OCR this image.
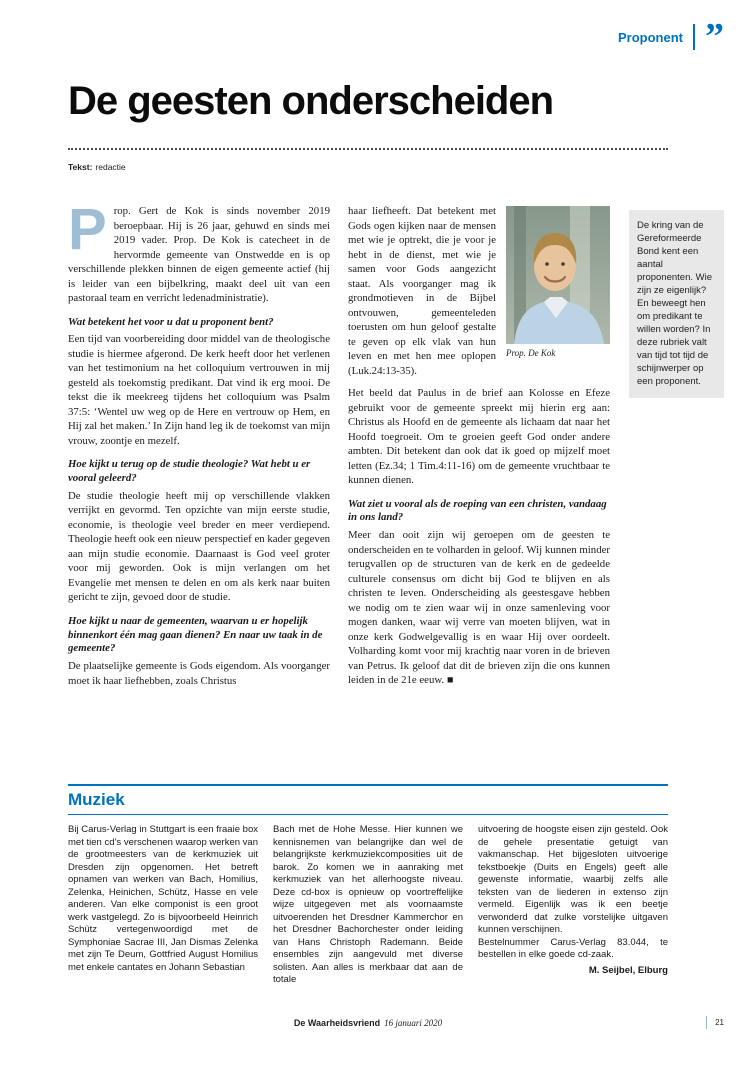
Proponent ”
De geesten onderscheiden
Tekst: redactie

Prop. Gert de Kok is sinds november 2019 beroepbaar. Hij is 26 jaar, gehuwd en sinds mei 2019 vader. Prop. De Kok is catecheet in de hervormde gemeente van Onstwedde en is op verschillende plekken binnen de eigen gemeente actief (hij is leider van een bijbelkring, maakt deel uit van een pastoraal team en verricht ledenadministratie).

Wat betekent het voor u dat u proponent bent?

Een tijd van voorbereiding door middel van de theologische studie is hiermee afgerond. De kerk heeft door het verlenen van het testimonium na het colloquium vertrouwen in mij gesteld als toekomstig predikant. Dat vind ik erg mooi. De tekst die ik meekreeg tijdens het colloquium was Psalm 37:5: ‘Wentel uw weg op de Here en vertrouw op Hem, en Hij zal het maken.’ In Zijn hand leg ik de toekomst van mijn vrouw, zoontje en mezelf.

Hoe kijkt u terug op de studie theologie? Wat hebt u er vooral geleerd?

De studie theologie heeft mij op verschillende vlakken verrijkt en gevormd. Ten opzichte van mijn eerste studie, economie, is theologie veel breder en meer verdiepend. Theologie heeft ook een nieuw perspectief en kader gegeven aan mijn studie economie. Daarnaast is God veel groter voor mij geworden. Ook is mijn verlangen om het Evangelie met mensen te delen en om als kerk naar buiten gericht te zijn, gevoed door de studie.

Hoe kijkt u naar de gemeenten, waarvan u er hopelijk binnenkort één mag gaan dienen? En naar uw taak in de gemeente?

De plaatselijke gemeente is Gods eigendom. Als voorganger moet ik haar liefhebben, zoals Christus

Prop. De Kok

haar liefheeft. Dat betekent met Gods ogen kijken naar de mensen met wie je optrekt, die je voor je hebt in de dienst, met wie je samen voor Gods aangezicht staat. Als voorganger mag ik grondmotieven in de Bijbel ontvouwen, gemeenteleden toerusten om hun geloof gestalte te geven op elk vlak van hun leven en met hen mee oplopen (Luk.24:13-35).

Het beeld dat Paulus in de brief aan Kolosse en Efeze gebruikt voor de gemeente spreekt mij hierin erg aan: Christus als Hoofd en de gemeente als lichaam dat naar het Hoofd toegroeit. Om te groeien geeft God onder andere ambten. Dit betekent dan ook dat ik goed op mijzelf moet letten (Ez.34; 1 Tim.4:11-16) om de gemeente vruchtbaar te kunnen dienen.

Wat ziet u vooral als de roeping van een christen, vandaag in ons land?

Meer dan ooit zijn wij geroepen om de geesten te onderscheiden en te volharden in geloof. Wij kunnen minder terugvallen op de structuren van de kerk en de gedeelde culturele consensus om dicht bij God te blijven en als christen te leven. Onderscheiding als geestesgave hebben we nodig om te zien waar wij in onze samenleving voor mogen danken, waar wij verre van moeten blijven, wat in onze kerk Godwelgevallig is en waar Hij over oordeelt. Volharding komt voor mij krachtig naar voren in de brieven van Petrus. Ik geloof dat dit de brieven zijn die ons kunnen leiden in de 21e eeuw. ■

De kring van de Gereformeerde Bond kent een aantal proponenten. Wie zijn ze eigenlijk? En beweegt hen om predikant te willen worden? In deze rubriek valt van tijd tot tijd de schijnwerper op een proponent.

Muziek

Bij Carus-Verlag in Stuttgart is een fraaie box met tien cd’s verschenen waarop werken van de grootmeesters van de kerkmuziek uit Dresden zijn opgenomen. Het betreft opnamen van werken van Bach, Homilius, Zelenka, Heinichen, Schütz, Hasse en vele anderen. Van elke componist is een groot werk vastgelegd. Zo is bijvoorbeeld Heinrich Schütz vertegenwoordigd met de Symphoniae Sacrae III, Jan Dismas Zelenka met zijn Te Deum, Gottfried August Homilius met enkele cantates en Johann Sebastian

Bach met de Hohe Messe. Hier kunnen we kennisnemen van belangrijke dan wel de belangrijkste kerkmuziekcomposities uit de barok. Zo komen we in aanraking met kerkmuziek van het allerhoogste niveau. Deze cd-box is opnieuw op voortreffelijke wijze uitgegeven met als voornaamste uitvoerenden het Dresdner Kammerchor en het Dresdner Bachorchester onder leiding van Hans Christoph Rademann. Beide ensembles zijn aangevuld met diverse solisten. Aan alles is merkbaar dat aan de totale

uitvoering de hoogste eisen zijn gesteld. Ook de gehele presentatie getuigt van vakmanschap. Het bijgesloten uitvoerige tekstboekje (Duits en Engels) geeft alle gewenste informatie, waarbij zelfs alle teksten van de liederen in extenso zijn vermeld. Eigenlijk was ik een beetje verwonderd dat zulke vorstelijke uitgaven kunnen verschijnen.

Bestelnummer Carus-Verlag 83.044, te bestellen in elke goede cd-zaak.

M. Seijbel, Elburg

De Waarheidsvriend 16 januari 2020	21
